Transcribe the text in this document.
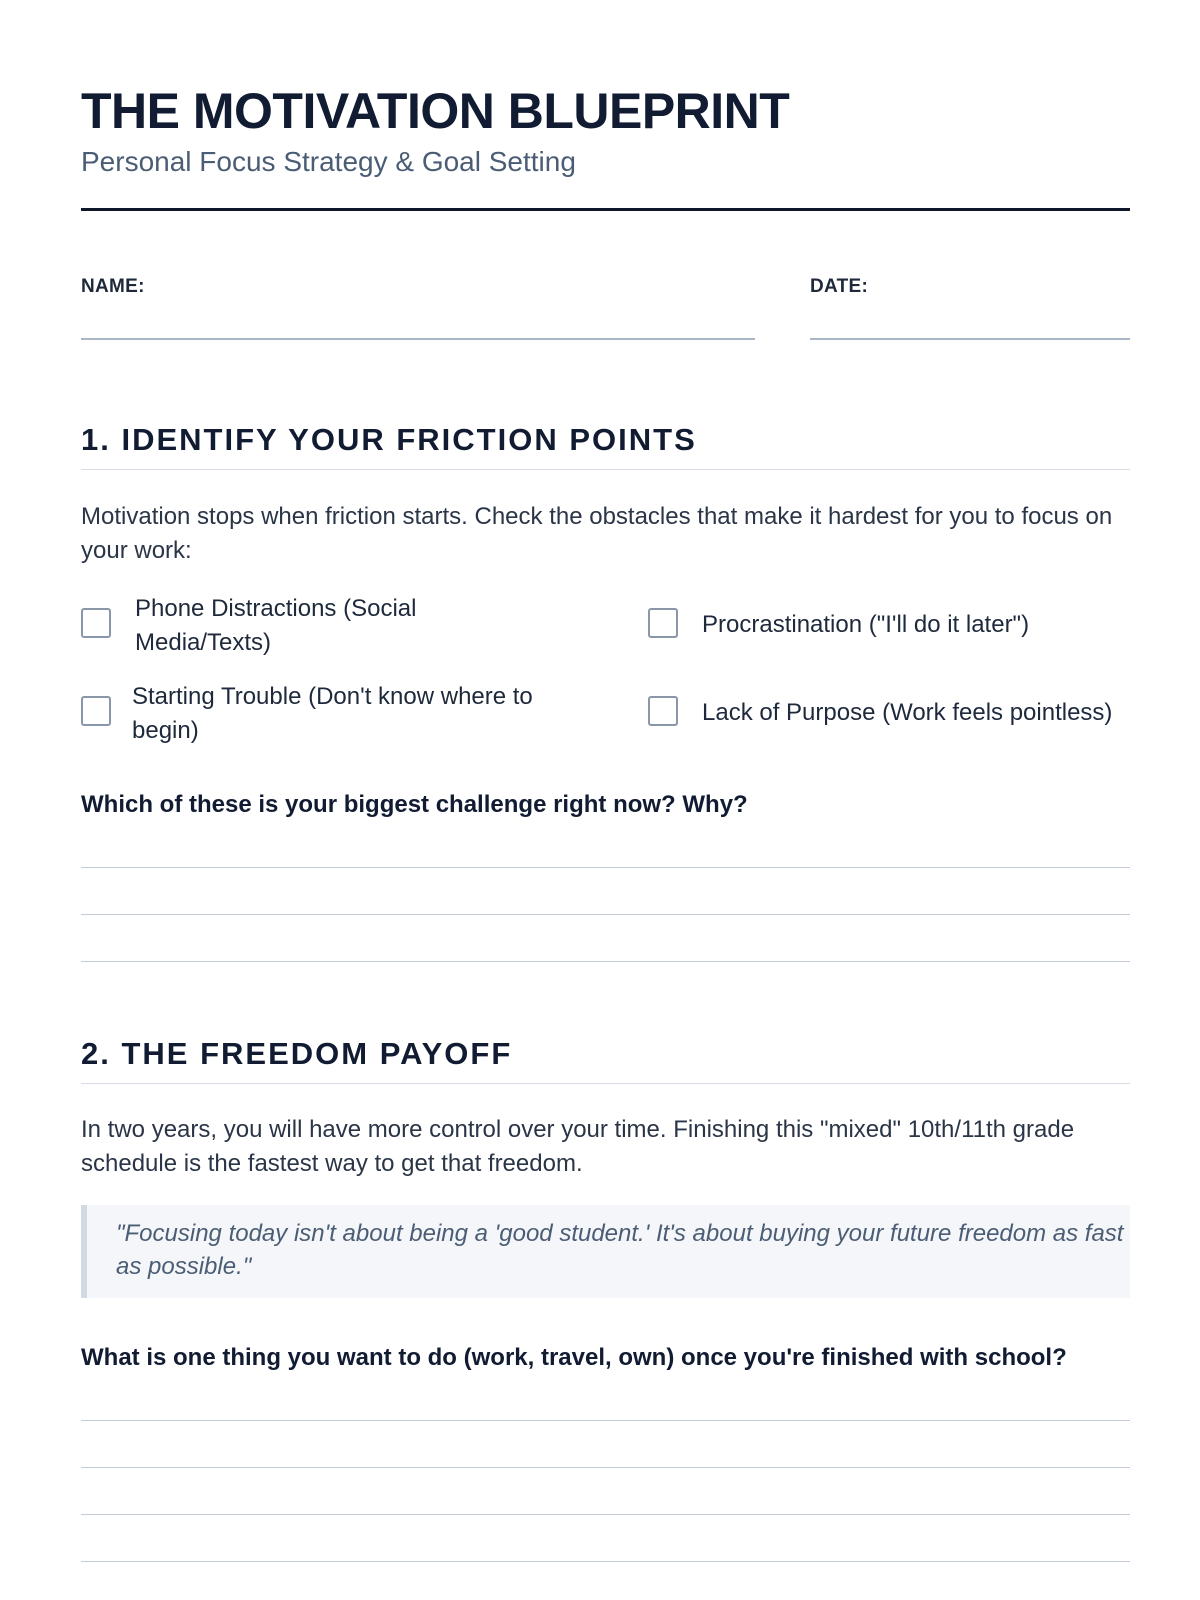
THE MOTIVATION BLUEPRINT
Personal Focus Strategy & Goal Setting
NAME:	DATE:
1. IDENTIFY YOUR FRICTION POINTS
Motivation stops when friction starts. Check the obstacles that make it hardest for you to focus on your work:
Phone Distractions (Social Media/Texts)
Procrastination ("I'll do it later")
Starting Trouble (Don't know where to begin)
Lack of Purpose (Work feels pointless)
Which of these is your biggest challenge right now? Why?
2. THE FREEDOM PAYOFF
In two years, you will have more control over your time. Finishing this "mixed" 10th/11th grade schedule is the fastest way to get that freedom.
"Focusing today isn't about being a 'good student.' It's about buying your future freedom as fast as possible."
What is one thing you want to do (work, travel, own) once you're finished with school?
